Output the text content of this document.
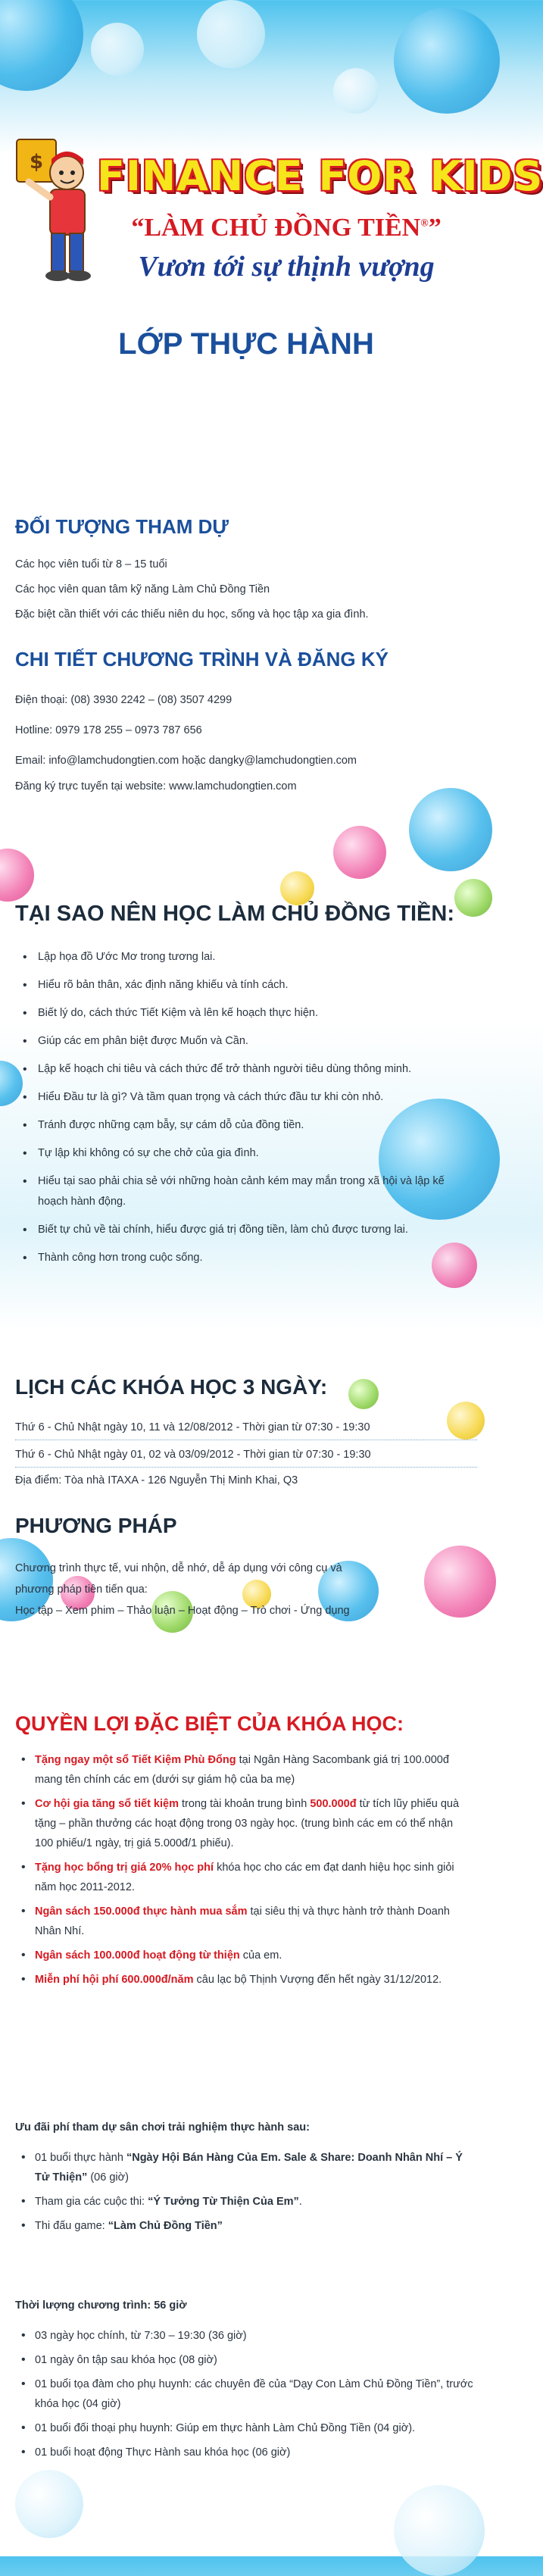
$ FINANCE FOR KIDS
“LÀM CHỦ ĐỒNG TIỀN®”
Vươn tới sự thịnh vượng
LỚP THỰC HÀNH
ĐỐI TƯỢNG THAM DỰ
Các học viên tuổi từ 8 – 15 tuổi
Các học viên quan tâm kỹ năng Làm Chủ Đồng Tiền
Đặc biệt cần thiết với các thiếu niên du học, sống và học tập xa gia đình.
CHI TIẾT CHƯƠNG TRÌNH VÀ ĐĂNG KÝ
Điện thoại: (08) 3930 2242 – (08) 3507 4299
Hotline: 0979 178 255 – 0973 787 656
Email: info@lamchudongtien.com hoặc dangky@lamchudongtien.com
Đăng ký trực tuyến tại website: www.lamchudongtien.com
TẠI SAO NÊN HỌC LÀM CHỦ ĐỒNG TIỀN:
• Lập họa đồ Ước Mơ trong tương lai.
• Hiểu rõ bản thân, xác định năng khiếu và tính cách.
• Biết lý do, cách thức Tiết Kiệm và lên kế hoạch thực hiện.
• Giúp các em phân biệt được Muốn và Cần.
• Lập kế hoạch chi tiêu và cách thức để trở thành người tiêu dùng thông minh.
• Hiểu Đầu tư là gì? Và tầm quan trọng và cách thức đầu tư khi còn nhỏ.
• Tránh được những cạm bẫy, sự cám dỗ của đồng tiền.
• Tự lập khi không có sự che chở của gia đình.
• Hiểu tại sao phải chia sẻ với những hoàn cảnh kém may mắn trong xã hội và lập kế hoạch hành động.
• Biết tự chủ về tài chính, hiểu được giá trị đồng tiền, làm chủ được tương lai.
• Thành công hơn trong cuộc sống.
LỊCH CÁC KHÓA HỌC 3 NGÀY:
Thứ 6 - Chủ Nhật ngày 10, 11 và 12/08/2012 - Thời gian từ 07:30 - 19:30
Thứ 6 - Chủ Nhật ngày 01, 02 và 03/09/2012 - Thời gian từ 07:30 - 19:30
Địa điểm: Tòa nhà ITAXA - 126 Nguyễn Thị Minh Khai, Q3
PHƯƠNG PHÁP
Chương trình thực tế, vui nhộn, dễ nhớ, dễ áp dụng với công cụ và
phương pháp tiên tiến qua:
Học tập – Xem phim – Thảo luận – Hoạt động – Trò chơi - Ứng dụng
QUYỀN LỢI ĐẶC BIỆT CỦA KHÓA HỌC:
• Tặng ngay một sổ Tiết Kiệm Phù Đổng tại Ngân Hàng Sacombank giá trị 100.000đ mang tên chính các em (dưới sự giám hộ của ba mẹ)
• Cơ hội gia tăng sổ tiết kiệm trong tài khoản trung bình 500.000đ từ tích lũy phiếu quà tặng – phần thưởng các hoạt động trong 03 ngày học. (trung bình các em có thể nhận 100 phiếu/1 ngày, trị giá 5.000đ/1 phiếu).
• Tặng học bổng trị giá 20% học phí khóa học cho các em đạt danh hiệu học sinh giỏi năm học 2011-2012.
• Ngân sách 150.000đ thực hành mua sắm tại siêu thị và thực hành trở thành Doanh Nhân Nhí.
• Ngân sách 100.000đ hoạt động từ thiện của em.
• Miễn phí hội phí 600.000đ/năm câu lạc bộ Thịnh Vượng đến hết ngày 31/12/2012.
Ưu đãi phí tham dự sân chơi trải nghiệm thực hành sau:
• 01 buổi thực hành “Ngày Hội Bán Hàng Của Em. Sale & Share: Doanh Nhân Nhí – Ý Tử Thiện” (06 giờ)
• Tham gia các cuộc thi: “Ý Tưởng Từ Thiện Của Em”.
• Thi đấu game: “Làm Chủ Đồng Tiền”
Thời lượng chương trình: 56 giờ
• 03 ngày học chính, từ 7:30 – 19:30 (36 giờ)
• 01 ngày ôn tập sau khóa học (08 giờ)
• 01 buổi tọa đàm cho phụ huynh: các chuyên đề của “Dạy Con Làm Chủ Đồng Tiền”, trước khóa học (04 giờ)
• 01 buổi đối thoại phụ huynh: Giúp em thực hành Làm Chủ Đồng Tiền (04 giờ).
• 01 buổi hoạt động Thực Hành sau khóa học (06 giờ)
